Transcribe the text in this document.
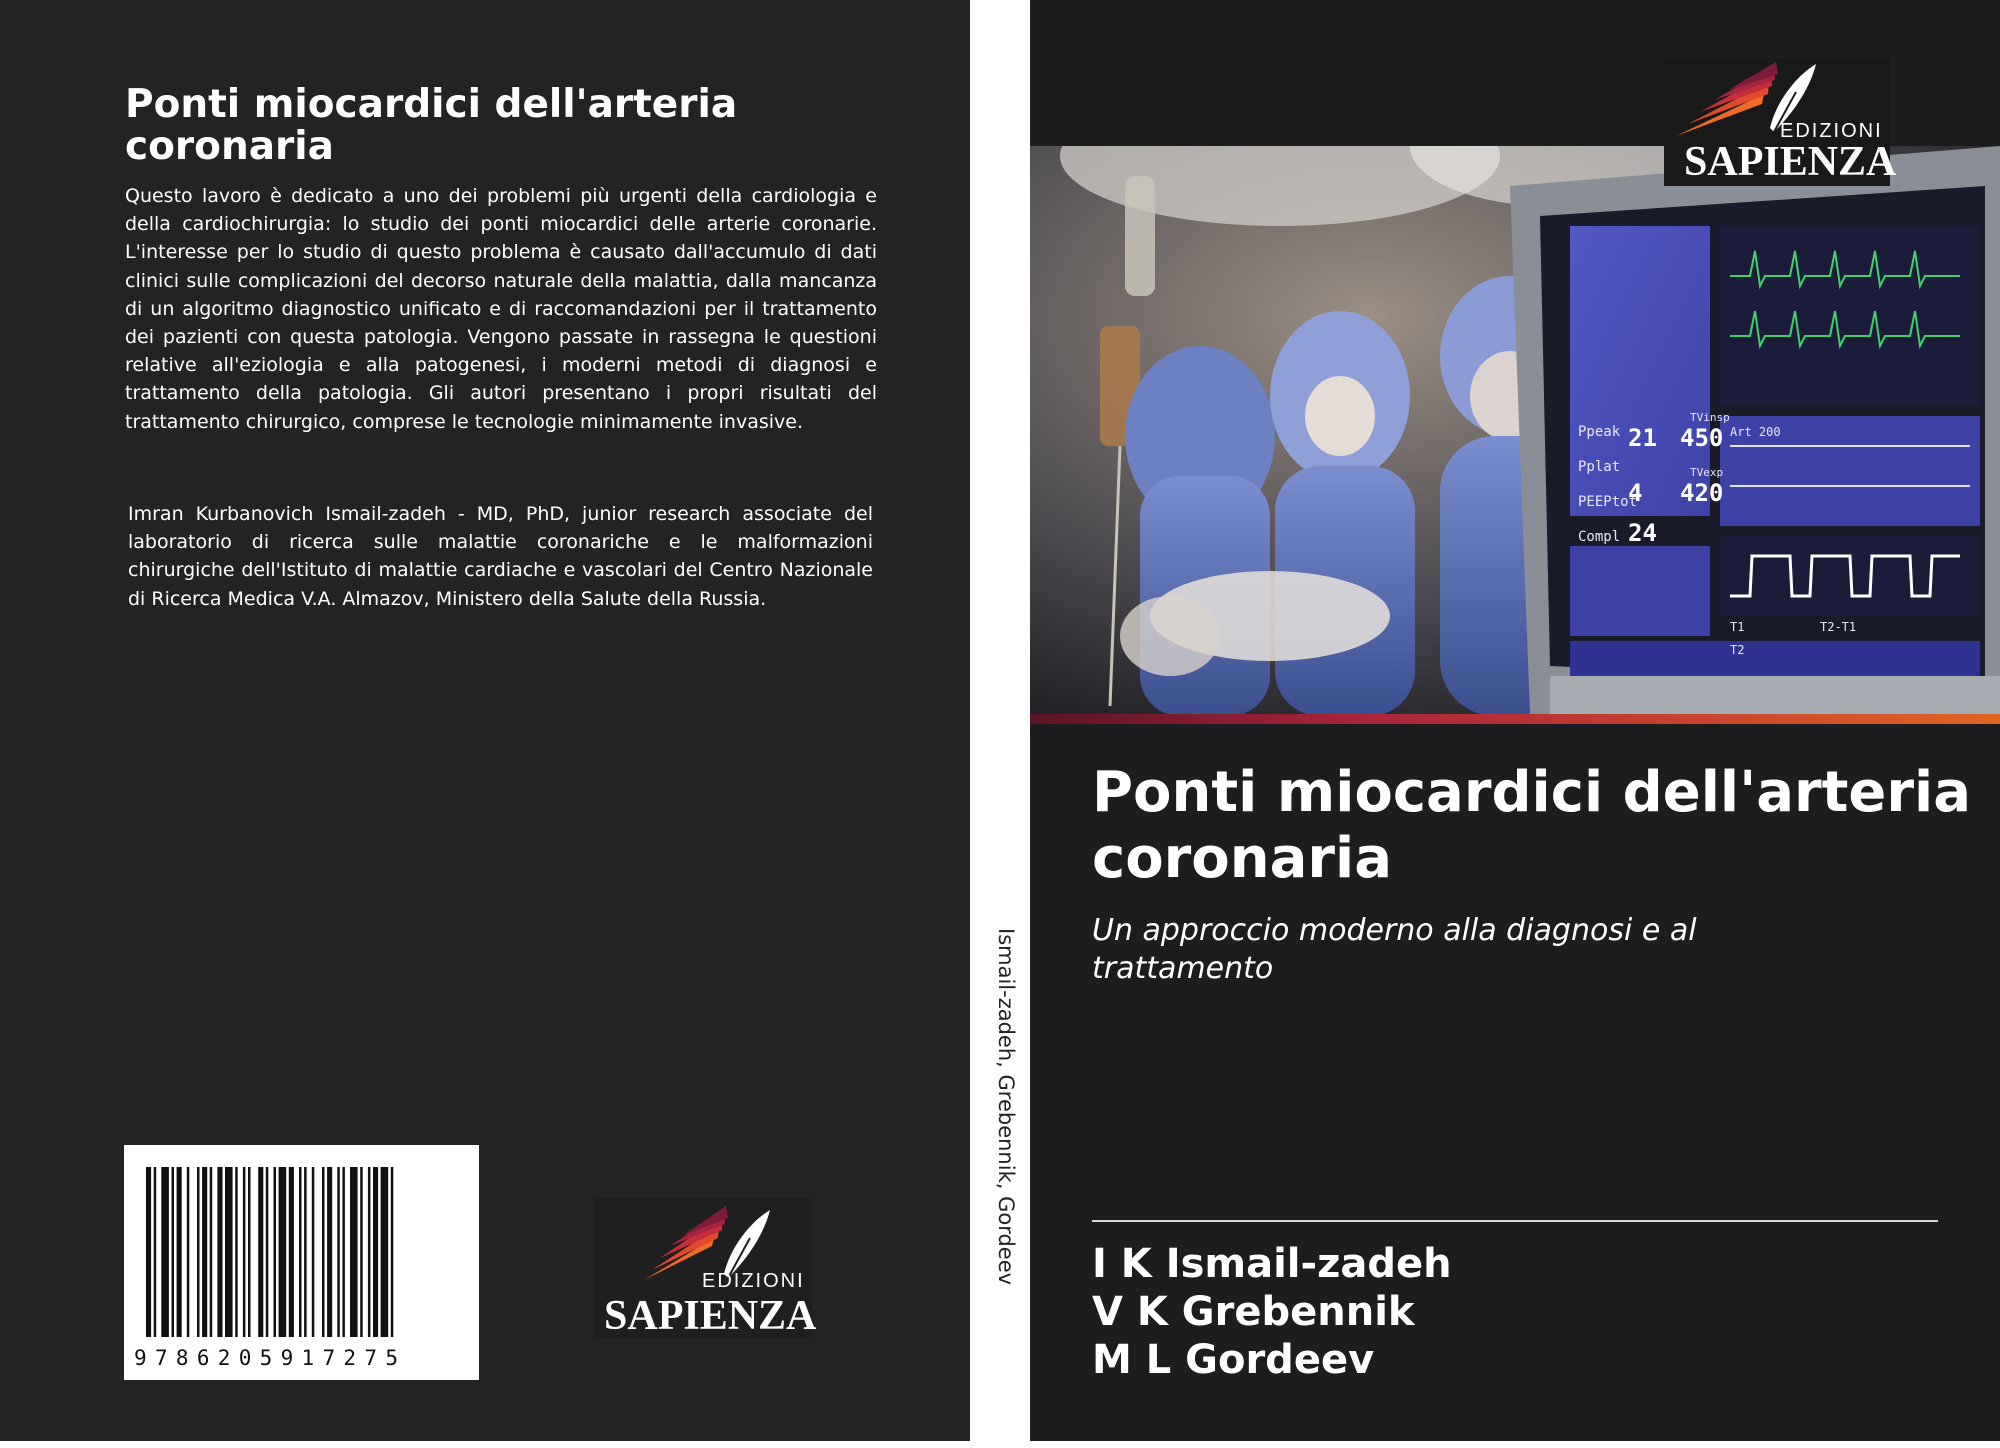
Ponti miocardici dell'arteria coronaria
Questo lavoro è dedicato a uno dei problemi più urgenti della cardiologia e della cardiochirurgia: lo studio dei ponti miocardici delle arterie coronarie. L'interesse per lo studio di questo problema è causato dall'accumulo di dati clinici sulle complicazioni del decorso naturale della malattia, dalla mancanza di un algoritmo diagnostico unificato e di raccomandazioni per il trattamento dei pazienti con questa patologia. Vengono passate in rassegna le questioni relative all'eziologia e alla patogenesi, i moderni metodi di diagnosi e trattamento della patologia. Gli autori presentano i propri risultati del trattamento chirurgico, comprese le tecnologie minimamente invasive.
Imran Kurbanovich Ismail-zadeh - MD, PhD, junior research associate del laboratorio di ricerca sulle malattie coronariche e le malformazioni chirurgiche dell'Istituto di malattie cardiache e vascolari del Centro Nazionale di Ricerca Medica V.A. Almazov, Ministero della Salute della Russia.
9786205917275
EDIZIONI
SAPIENZA
Ismail-zadeh, Grebennik, Gordeev
Ppeak
Pplat
PEEPtot
Compl
21 450
4 420
24
Art 200
TVinsp
TVexp
T1
T2
T2-T1
EDIZIONI
SAPIENZA
Ponti miocardici dell'arteria coronaria
Un approccio moderno alla diagnosi e al trattamento
I K Ismail-zadeh
V K Grebennik
M L Gordeev
